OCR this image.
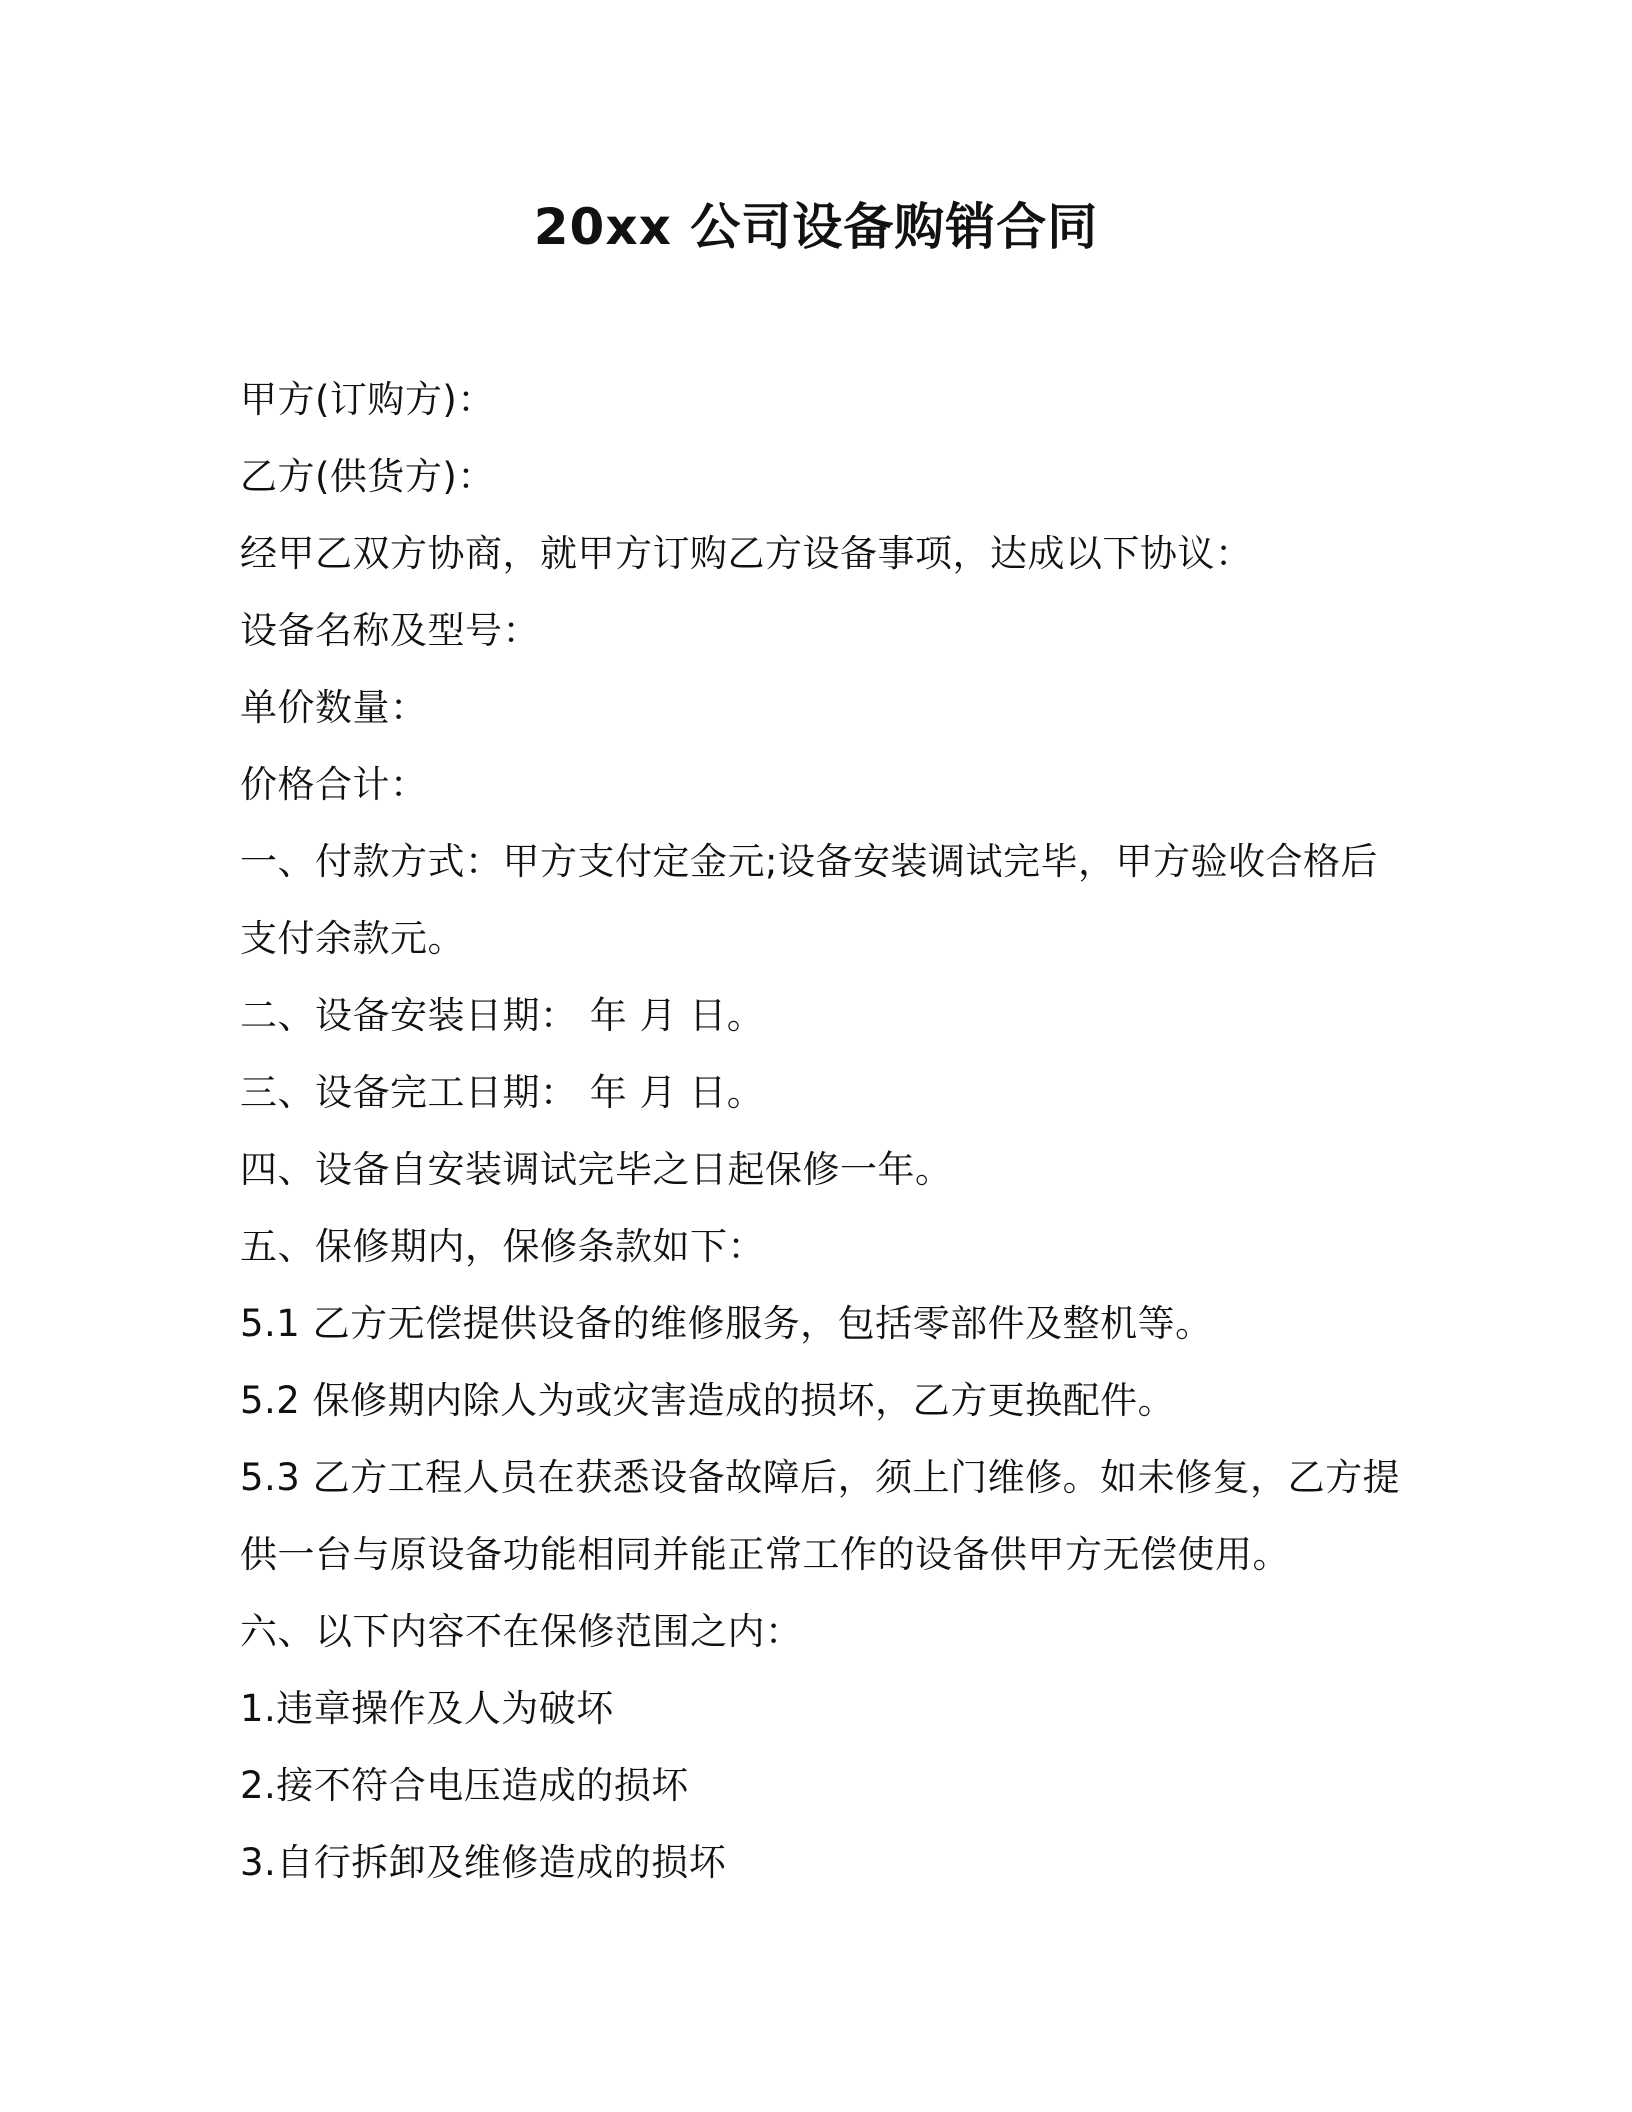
20xx 公司设备购销合同
甲方(订购方)：
乙方(供货方)：
经甲乙双方协商，就甲方订购乙方设备事项，达成以下协议：
设备名称及型号：
单价数量：
价格合计：
一、付款方式：甲方支付定金元;设备安装调试完毕，甲方验收合格后
支付余款元。
二、设备安装日期： 年 月 日。
三、设备完工日期： 年 月 日。
四、设备自安装调试完毕之日起保修一年。
五、保修期内，保修条款如下：
5.1 乙方无偿提供设备的维修服务，包括零部件及整机等。
5.2 保修期内除人为或灾害造成的损坏，乙方更换配件。
5.3 乙方工程人员在获悉设备故障后，须上门维修。如未修复，乙方提
供一台与原设备功能相同并能正常工作的设备供甲方无偿使用。
六、以下内容不在保修范围之内：
1.违章操作及人为破坏
2.接不符合电压造成的损坏
3.自行拆卸及维修造成的损坏
